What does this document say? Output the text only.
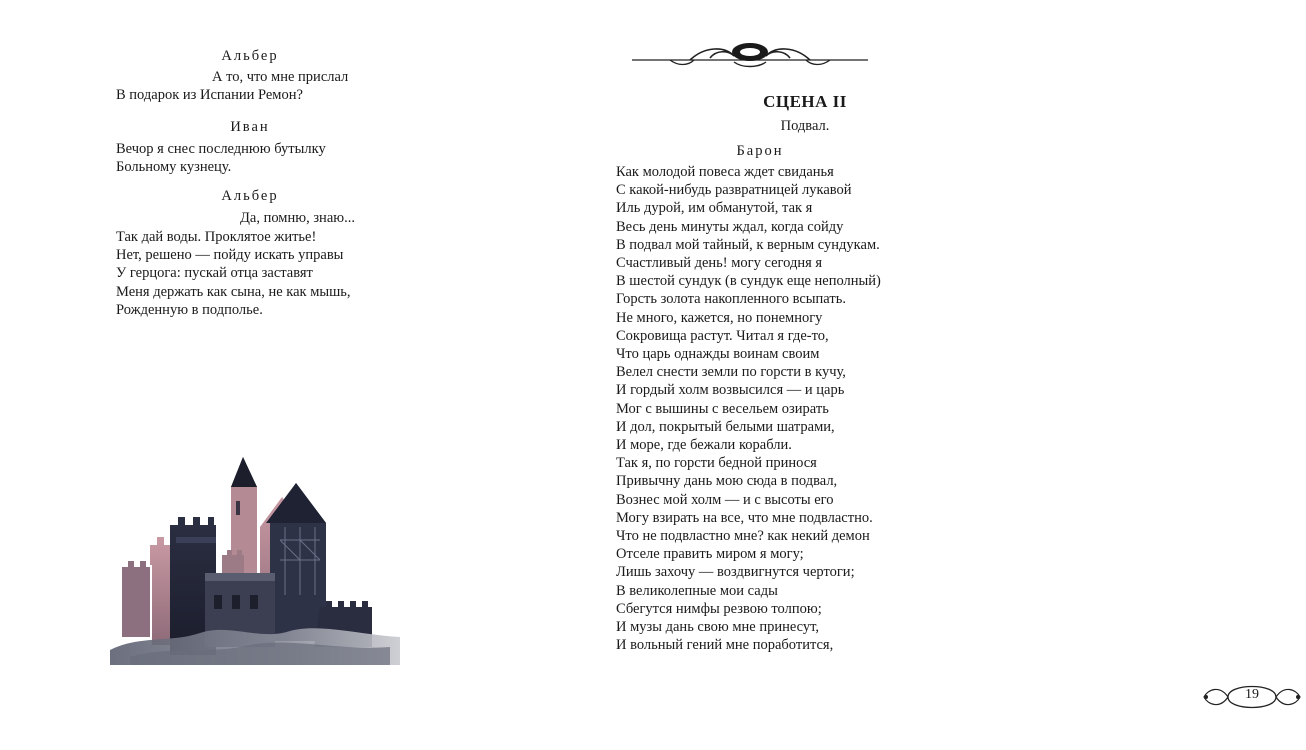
Альбер
А то, что мне прислал
В подарок из Испании Ремон?
Иван
Вечор я снес последнюю бутылку
Больному кузнецу.
Альбер
Да, помню, знаю...
Так дай воды. Проклятое житье!
Нет, решено — пойду искать управы
У герцога: пускай отца заставят
Меня держать как сына, не как мышь,
Рожденную в подполье.
СЦЕНА II
Подвал.
Барон
Как молодой повеса ждет свиданья
С какой-нибудь развратницей лукавой
Иль дурой, им обманутой, так я
Весь день минуты ждал, когда сойду
В подвал мой тайный, к верным сундукам.
Счастливый день! могу сегодня я
В шестой сундук (в сундук еще неполный)
Горсть золота накопленного всыпать.
Не много, кажется, но понемногу
Сокровища растут. Читал я где-то,
Что царь однажды воинам своим
Велел снести земли по горсти в кучу,
И гордый холм возвысился — и царь
Мог с вышины с весельем озирать
И дол, покрытый белыми шатрами,
И море, где бежали корабли.
Так я, по горсти бедной принося
Привычну дань мою сюда в подвал,
Вознес мой холм — и с высоты его
Могу взирать на все, что мне подвластно.
Что не подвластно мне? как некий демон
Отселе править миром я могу;
Лишь захочу — воздвигнутся чертоги;
В великолепные мои сады
Сбегутся нимфы резвою толпою;
И музы дань свою мне принесут,
И вольный гений мне поработится,
19
